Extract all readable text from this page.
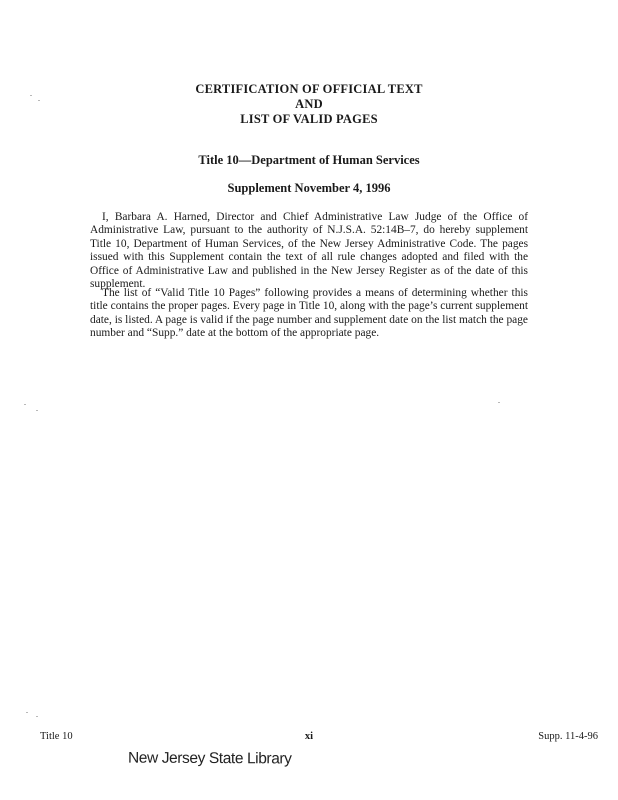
CERTIFICATION OF OFFICIAL TEXT
AND
LIST OF VALID PAGES
Title 10—Department of Human Services
Supplement November 4, 1996

I, Barbara A. Harned, Director and Chief Administrative Law Judge of the Office of Administrative Law, pursuant to the authority of N.J.S.A. 52:14B–7, do hereby supplement Title 10, Department of Human Services, of the New Jersey Administrative Code. The pages issued with this Supplement contain the text of all rule changes adopted and filed with the Office of Administrative Law and published in the New Jersey Register as of the date of this supplement.

The list of “Valid Title 10 Pages” following provides a means of determining whether this title contains the proper pages. Every page in Title 10, along with the page’s current supplement date, is listed. A page is valid if the page number and supplement date on the list match the page number and “Supp.” date at the bottom of the appropriate page.

Title 10	xi	Supp. 11-4-96
New Jersey State Library
